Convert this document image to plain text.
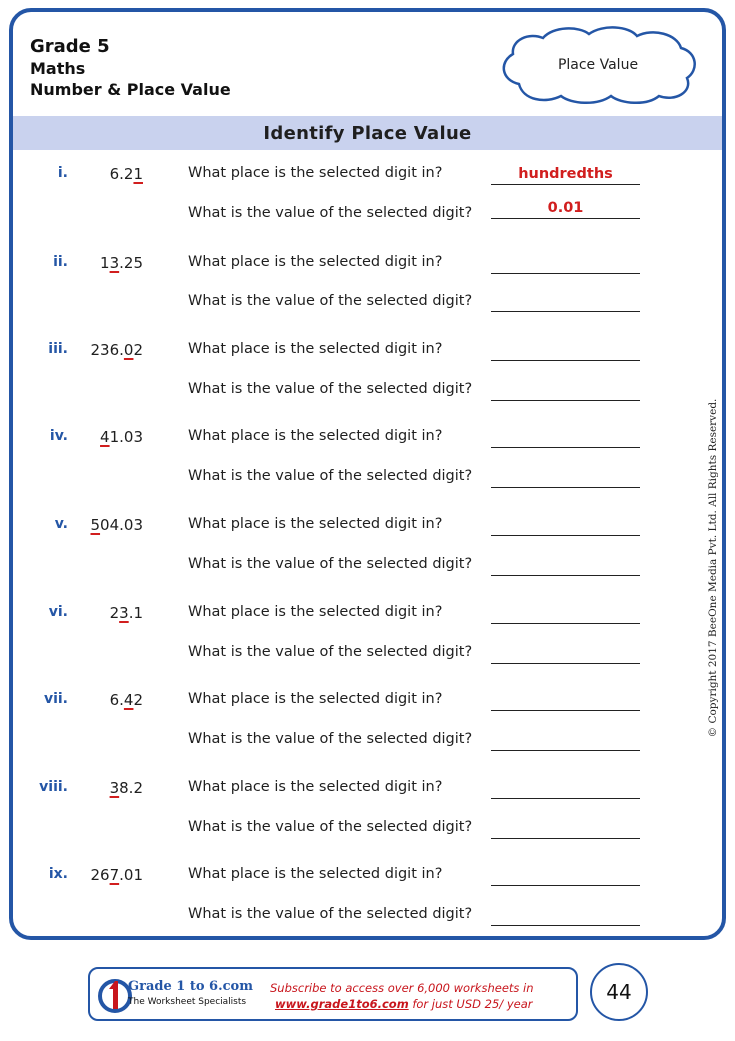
Grade 5
Maths
Number & Place Value
Place Value
Identify Place Value
i.	6.21	What place is the selected digit in?	hundredths
What is the value of the selected digit?	0.01
ii.	13.25	What place is the selected digit in?
What is the value of the selected digit?
iii.	236.02	What place is the selected digit in?
What is the value of the selected digit?
iv.	41.03	What place is the selected digit in?
What is the value of the selected digit?
v.	504.03	What place is the selected digit in?
What is the value of the selected digit?
vi.	23.1	What place is the selected digit in?
What is the value of the selected digit?
vii.	6.42	What place is the selected digit in?
What is the value of the selected digit?
viii.	38.2	What place is the selected digit in?
What is the value of the selected digit?
ix.	267.01	What place is the selected digit in?
What is the value of the selected digit?
© Copyright 2017 BeeOne Media Pvt. Ltd. All Rights Reserved.
Grade 1 to 6.com
The Worksheet Specialists
Subscribe to access over 6,000 worksheets in
www.grade1to6.com for just USD 25/ year	44
